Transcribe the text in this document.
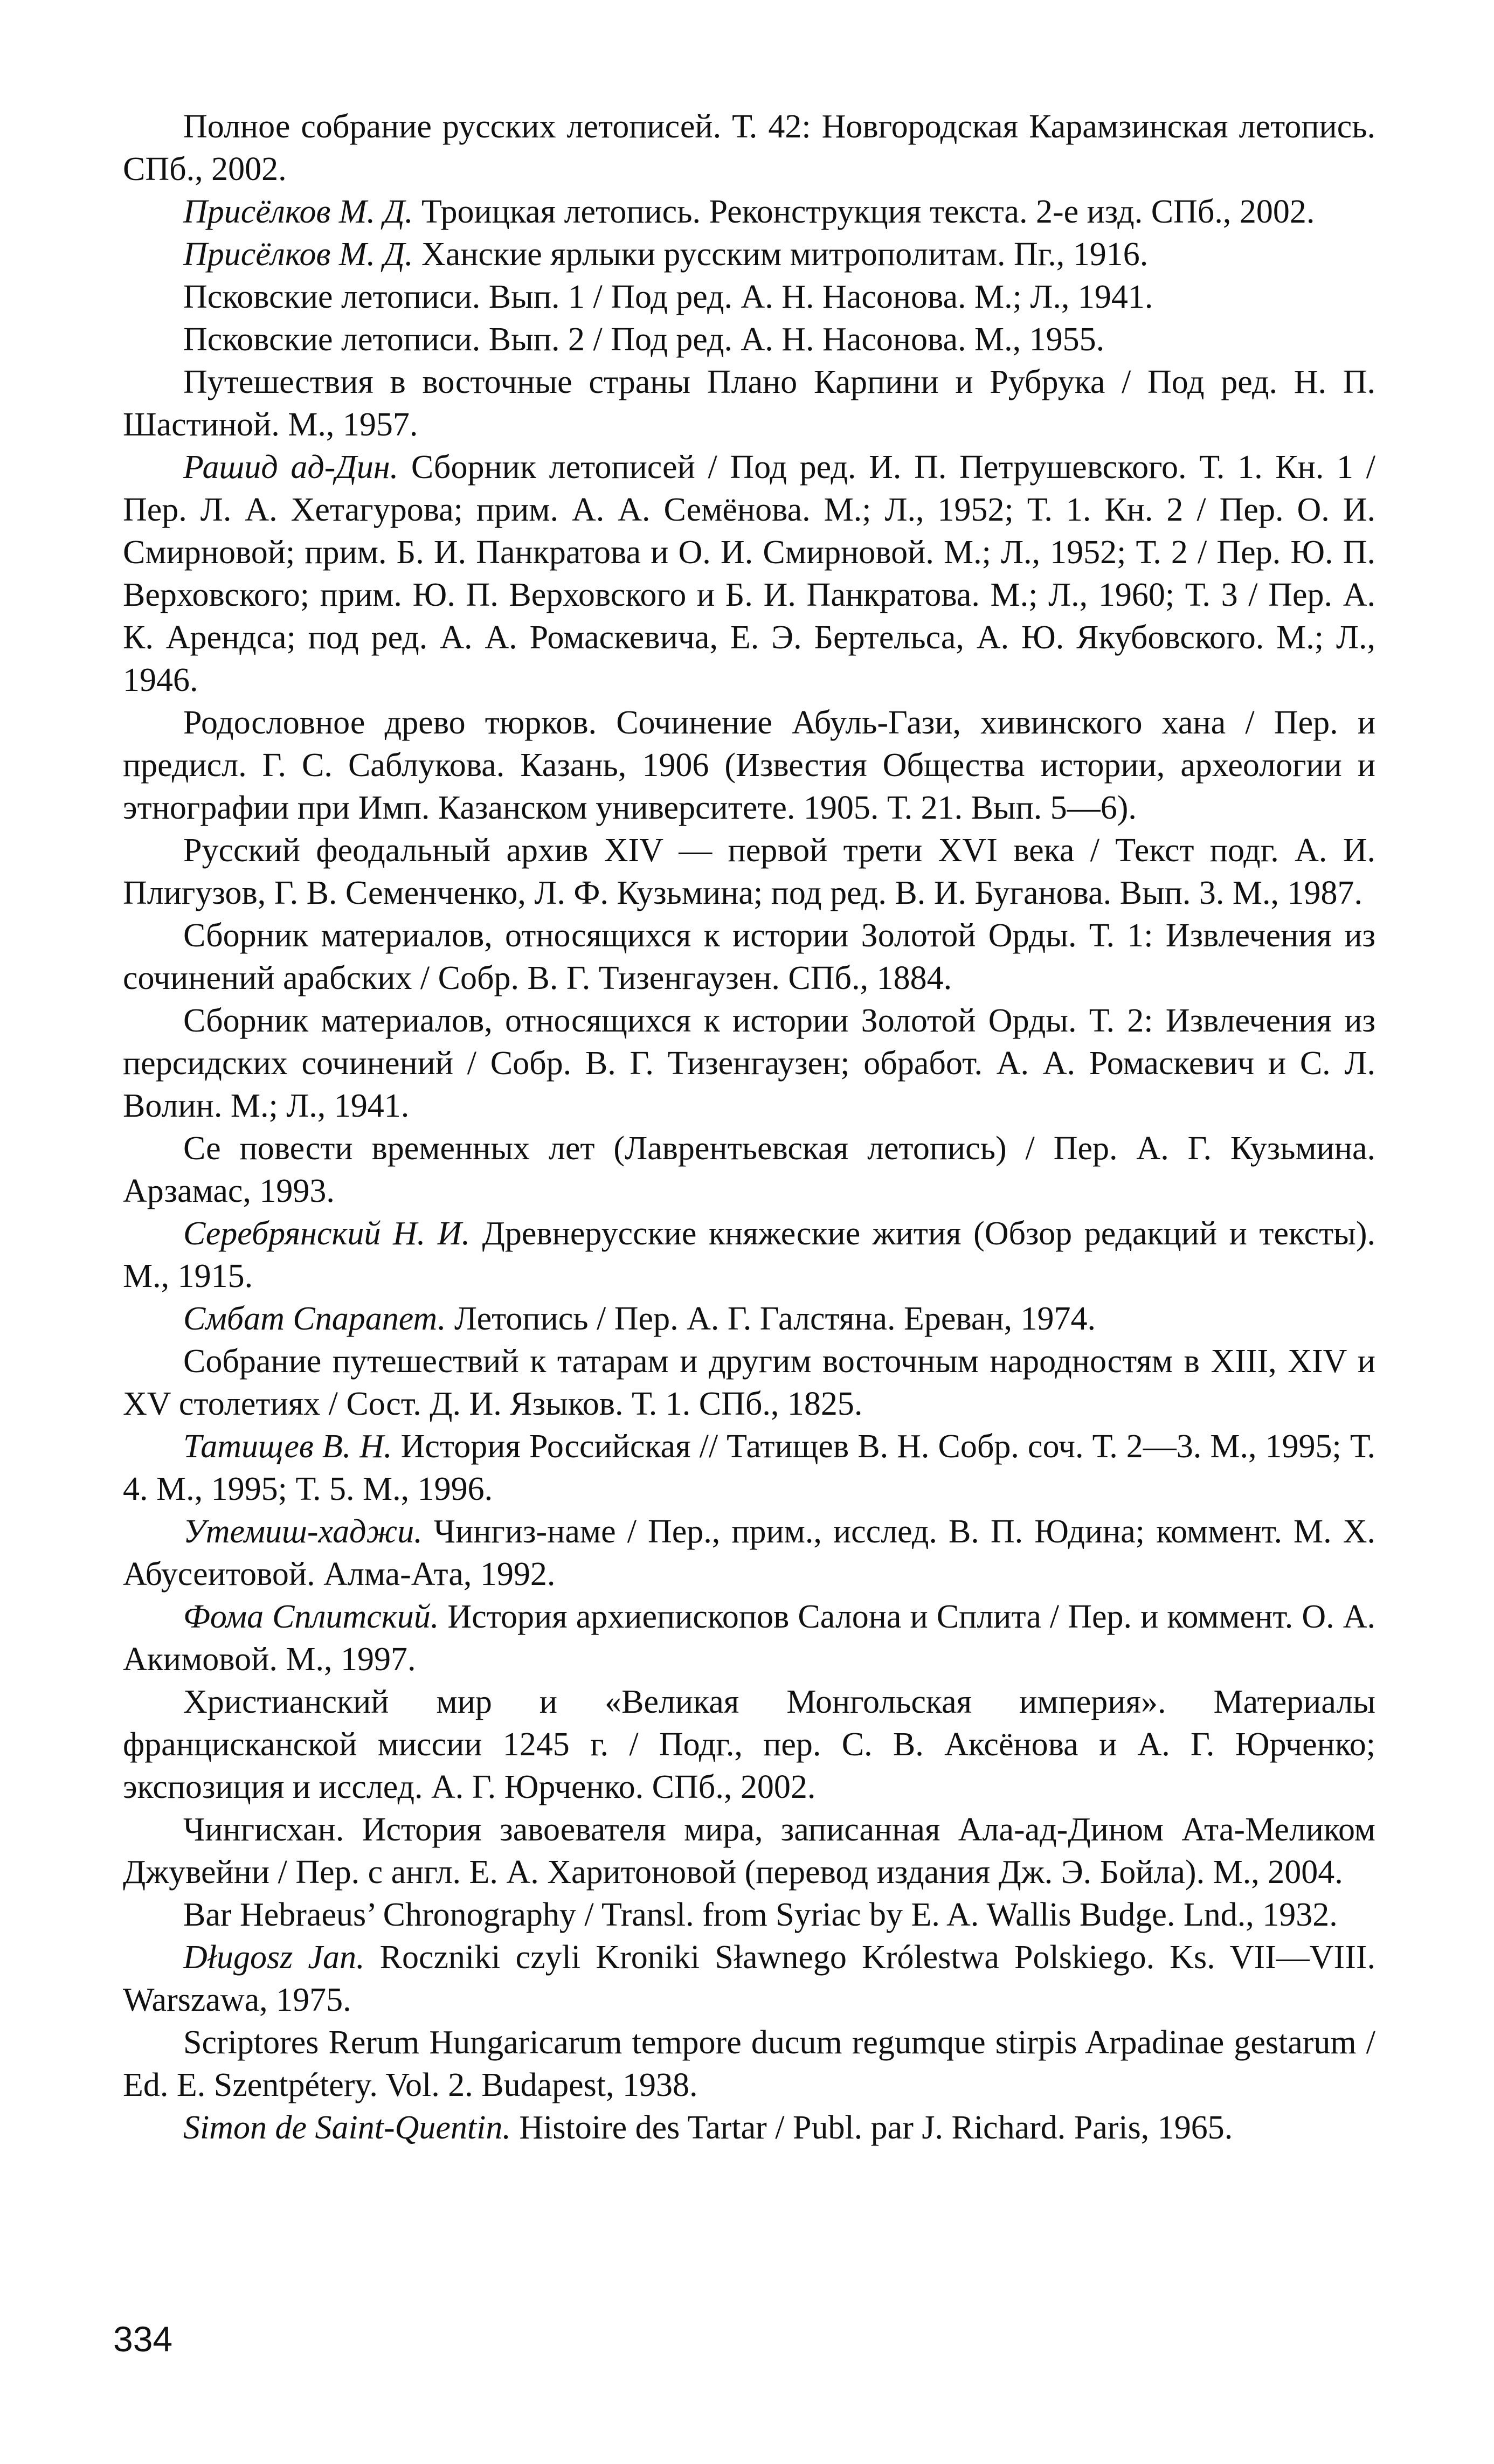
Полное собрание русских летописей. Т. 42: Новгородская Карамзинская летопись. СПб., 2002.

Присёлков М. Д. Троицкая летопись. Реконструкция текста. 2-е изд. СПб., 2002.

Присёлков М. Д. Ханские ярлыки русским митрополитам. Пг., 1916.

Псковские летописи. Вып. 1 / Под ред. А. Н. Насонова. М.; Л., 1941.

Псковские летописи. Вып. 2 / Под ред. А. Н. Насонова. М., 1955.

Путешествия в восточные страны Плано Карпини и Рубрука / Под ред. Н. П. Шастиной. М., 1957.

Рашид ад-Дин. Сборник летописей / Под ред. И. П. Петрушевского. Т. 1. Кн. 1 / Пер. Л. А. Хетагурова; прим. А. А. Семёнова. М.; Л., 1952; Т. 1. Кн. 2 / Пер. О. И. Смирновой; прим. Б. И. Панкратова и О. И. Смирновой. М.; Л., 1952; Т. 2 / Пер. Ю. П. Верховского; прим. Ю. П. Верховского и Б. И. Панкратова. М.; Л., 1960; Т. 3 / Пер. А. К. Арендса; под ред. А. А. Ромаскевича, Е. Э. Бертельса, А. Ю. Якубовского. М.; Л., 1946.

Родословное древо тюрков. Сочинение Абуль-Гази, хивинского хана / Пер. и предисл. Г. С. Саблукова. Казань, 1906 (Известия Общества истории, археологии и этнографии при Имп. Казанском университете. 1905. Т. 21. Вып. 5—6).

Русский феодальный архив XIV — первой трети XVI века / Текст подг. А. И. Плигузов, Г. В. Семенченко, Л. Ф. Кузьмина; под ред. В. И. Буганова. Вып. 3. М., 1987.

Сборник материалов, относящихся к истории Золотой Орды. Т. 1: Извлечения из сочинений арабских / Собр. В. Г. Тизенгаузен. СПб., 1884.

Сборник материалов, относящихся к истории Золотой Орды. Т. 2: Извлечения из персидских сочинений / Собр. В. Г. Тизенгаузен; обработ. А. А. Ромаскевич и С. Л. Волин. М.; Л., 1941.

Се повести временных лет (Лаврентьевская летопись) / Пер. А. Г. Кузьмина. Арзамас, 1993.

Серебрянский Н. И. Древнерусские княжеские жития (Обзор редакций и тексты). М., 1915.

Смбат Спарапет. Летопись / Пер. А. Г. Галстяна. Ереван, 1974.

Собрание путешествий к татарам и другим восточным народностям в XIII, XIV и XV столетиях / Сост. Д. И. Языков. Т. 1. СПб., 1825.

Татищев В. Н. История Российская // Татищев В. Н. Собр. соч. Т. 2—3. М., 1995; Т. 4. М., 1995; Т. 5. М., 1996.

Утемиш-хаджи. Чингиз-наме / Пер., прим., исслед. В. П. Юдина; коммент. М. Х. Абусеитовой. Алма-Ата, 1992.

Фома Сплитский. История архиепископов Салона и Сплита / Пер. и коммент. О. А. Акимовой. М., 1997.

Христианский мир и «Великая Монгольская империя». Материалы францисканской миссии 1245 г. / Подг., пер. С. В. Аксёнова и А. Г. Юрченко; экспозиция и исслед. А. Г. Юрченко. СПб., 2002.

Чингисхан. История завоевателя мира, записанная Ала-ад-Дином Ата-Меликом Джувейни / Пер. с англ. Е. А. Харитоновой (перевод издания Дж. Э. Бойла). М., 2004.

Bar Hebraeus’ Chronography / Transl. from Syriac by E. A. Wallis Budge. Lnd., 1932.

Długosz Jan. Roczniki czyli Kroniki Sławnego Królestwa Polskiego. Ks. VII—VIII. Warszawa, 1975.

Scriptores Rerum Hungaricarum tempore ducum regumque stirpis Arpadinae gestarum / Ed. E. Szentpétery. Vol. 2. Budapest, 1938.

Simon de Saint-Quentin. Histoire des Tartar / Publ. par J. Richard. Paris, 1965.

334
